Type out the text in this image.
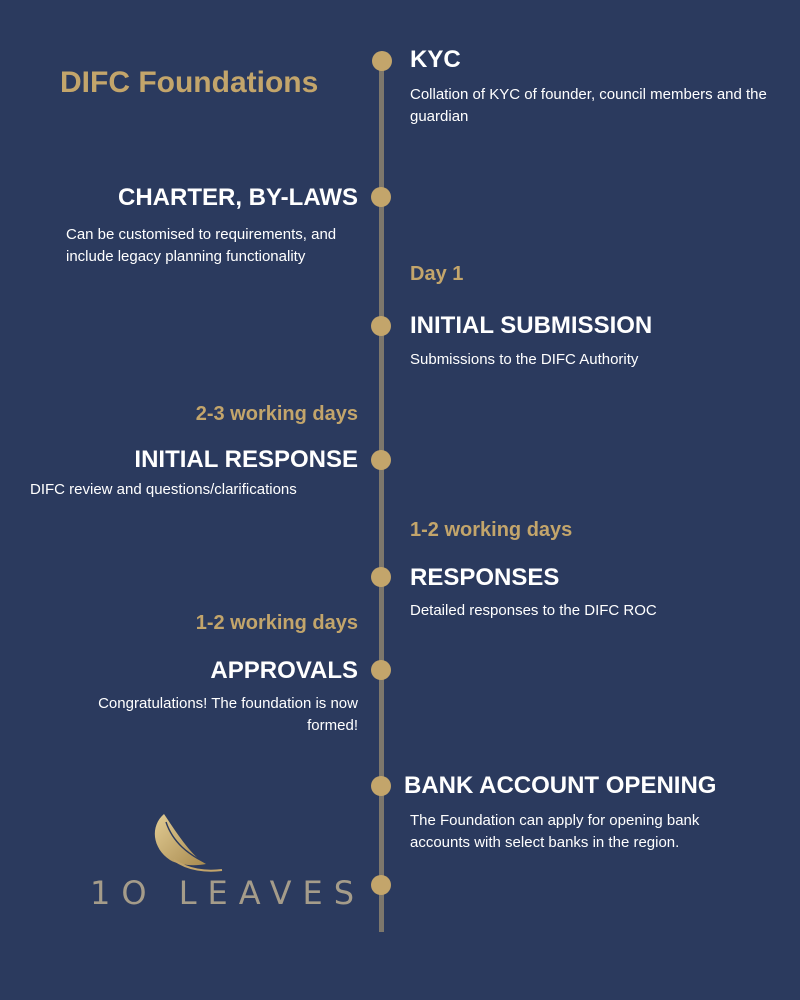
DIFC Foundations
KYC
Collation of KYC of founder, council members and the guardian
CHARTER, BY-LAWS
Can be customised to requirements, and include legacy planning functionality
Day 1
INITIAL SUBMISSION
Submissions to the DIFC Authority
2-3 working days
INITIAL RESPONSE
DIFC review and questions/clarifications
1-2 working days
RESPONSES
Detailed responses to the DIFC ROC
1-2 working days
APPROVALS
Congratulations! The foundation is now formed!
BANK ACCOUNT OPENING
The Foundation can apply for opening bank accounts with select banks in the region.
1O LEAVES
